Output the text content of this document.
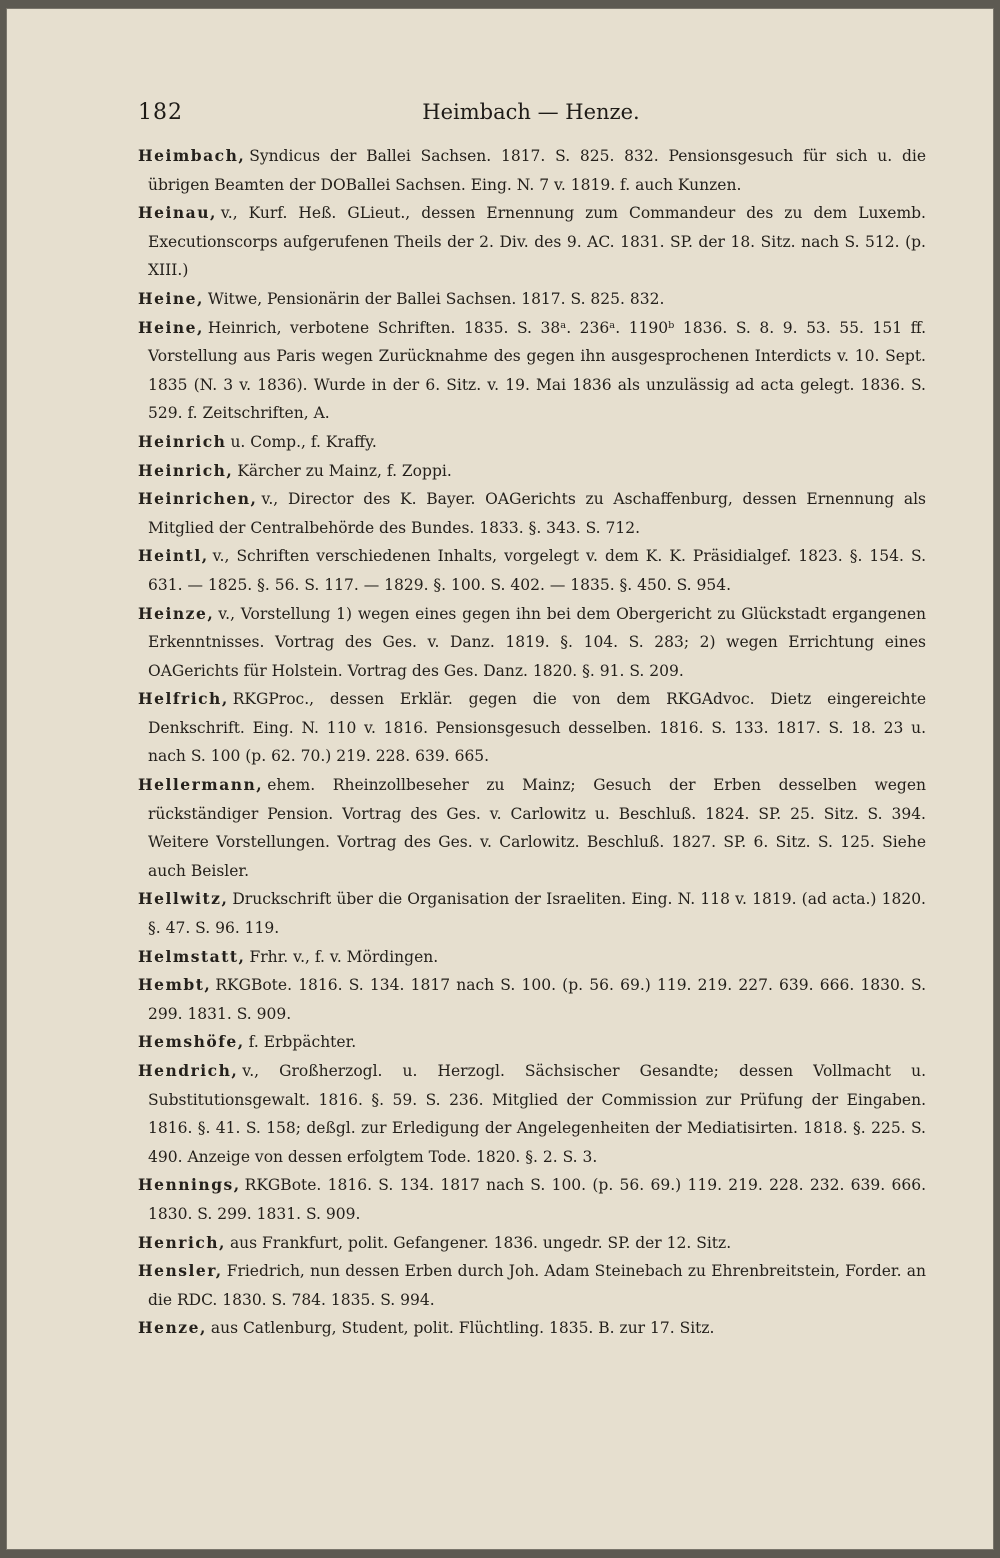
182	Heimbach — Henze.
Heimbach, Syndicus der Ballei Sachsen. 1817. S. 825. 832. Pensionsgesuch für sich u. die übrigen Beamten der DOBallei Sachsen. Eing. N. 7 v. 1819. f. auch Kunzen.
Heinau, v., Kurf. Heß. GLieut., dessen Ernennung zum Commandeur des zu dem Luxemb. Executionscorps aufgerufenen Theils der 2. Div. des 9. AC. 1831. SP. der 18. Sitz. nach S. 512. (p. XIII.)
Heine, Witwe, Pensionärin der Ballei Sachsen. 1817. S. 825. 832.
Heine, Heinrich, verbotene Schriften. 1835. S. 38ᵃ. 236ᵃ. 1190ᵇ 1836. S. 8. 9. 53. 55. 151 ff. Vorstellung aus Paris wegen Zurücknahme des gegen ihn ausgesprochenen Interdicts v. 10. Sept. 1835 (N. 3 v. 1836). Wurde in der 6. Sitz. v. 19. Mai 1836 als unzulässig ad acta gelegt. 1836. S. 529. f. Zeitschriften, A.
Heinrich u. Comp., f. Kraffy.
Heinrich, Kärcher zu Mainz, f. Zoppi.
Heinrichen, v., Director des K. Bayer. OAGerichts zu Aschaffenburg, dessen Ernennung als Mitglied der Centralbehörde des Bundes. 1833. §. 343. S. 712.
Heintl, v., Schriften verschiedenen Inhalts, vorgelegt v. dem K. K. Präsidialgef. 1823. §. 154. S. 631. — 1825. §. 56. S. 117. — 1829. §. 100. S. 402. — 1835. §. 450. S. 954.
Heinze, v., Vorstellung 1) wegen eines gegen ihn bei dem Obergericht zu Glückstadt ergangenen Erkenntnisses. Vortrag des Ges. v. Danz. 1819. §. 104. S. 283; 2) wegen Errichtung eines OAGerichts für Holstein. Vortrag des Ges. Danz. 1820. §. 91. S. 209.
Helfrich, RKGProc., dessen Erklär. gegen die von dem RKGAdvoc. Dietz eingereichte Denkschrift. Eing. N. 110 v. 1816. Pensionsgesuch desselben. 1816. S. 133. 1817. S. 18. 23 u. nach S. 100 (p. 62. 70.) 219. 228. 639. 665.
Hellermann, ehem. Rheinzollbeseher zu Mainz; Gesuch der Erben desselben wegen rückständiger Pension. Vortrag des Ges. v. Carlowitz u. Beschluß. 1824. SP. 25. Sitz. S. 394. Weitere Vorstellungen. Vortrag des Ges. v. Carlowitz. Beschluß. 1827. SP. 6. Sitz. S. 125. Siehe auch Beisler.
Hellwitz, Druckschrift über die Organisation der Israeliten. Eing. N. 118 v. 1819. (ad acta.) 1820. §. 47. S. 96. 119.
Helmstatt, Frhr. v., f. v. Mördingen.
Hembt, RKGBote. 1816. S. 134. 1817 nach S. 100. (p. 56. 69.) 119. 219. 227. 639. 666. 1830. S. 299. 1831. S. 909.
Hemshöfe, f. Erbpächter.
Hendrich, v., Großherzogl. u. Herzogl. Sächsischer Gesandte; dessen Vollmacht u. Substitutionsgewalt. 1816. §. 59. S. 236. Mitglied der Commission zur Prüfung der Eingaben. 1816. §. 41. S. 158; deßgl. zur Erledigung der Angelegenheiten der Mediatisirten. 1818. §. 225. S. 490. Anzeige von dessen erfolgtem Tode. 1820. §. 2. S. 3.
Hennings, RKGBote. 1816. S. 134. 1817 nach S. 100. (p. 56. 69.) 119. 219. 228. 232. 639. 666. 1830. S. 299. 1831. S. 909.
Henrich, aus Frankfurt, polit. Gefangener. 1836. ungedr. SP. der 12. Sitz.
Hensler, Friedrich, nun dessen Erben durch Joh. Adam Steinebach zu Ehrenbreitstein, Forder. an die RDC. 1830. S. 784. 1835. S. 994.
Henze, aus Catlenburg, Student, polit. Flüchtling. 1835. B. zur 17. Sitz.
